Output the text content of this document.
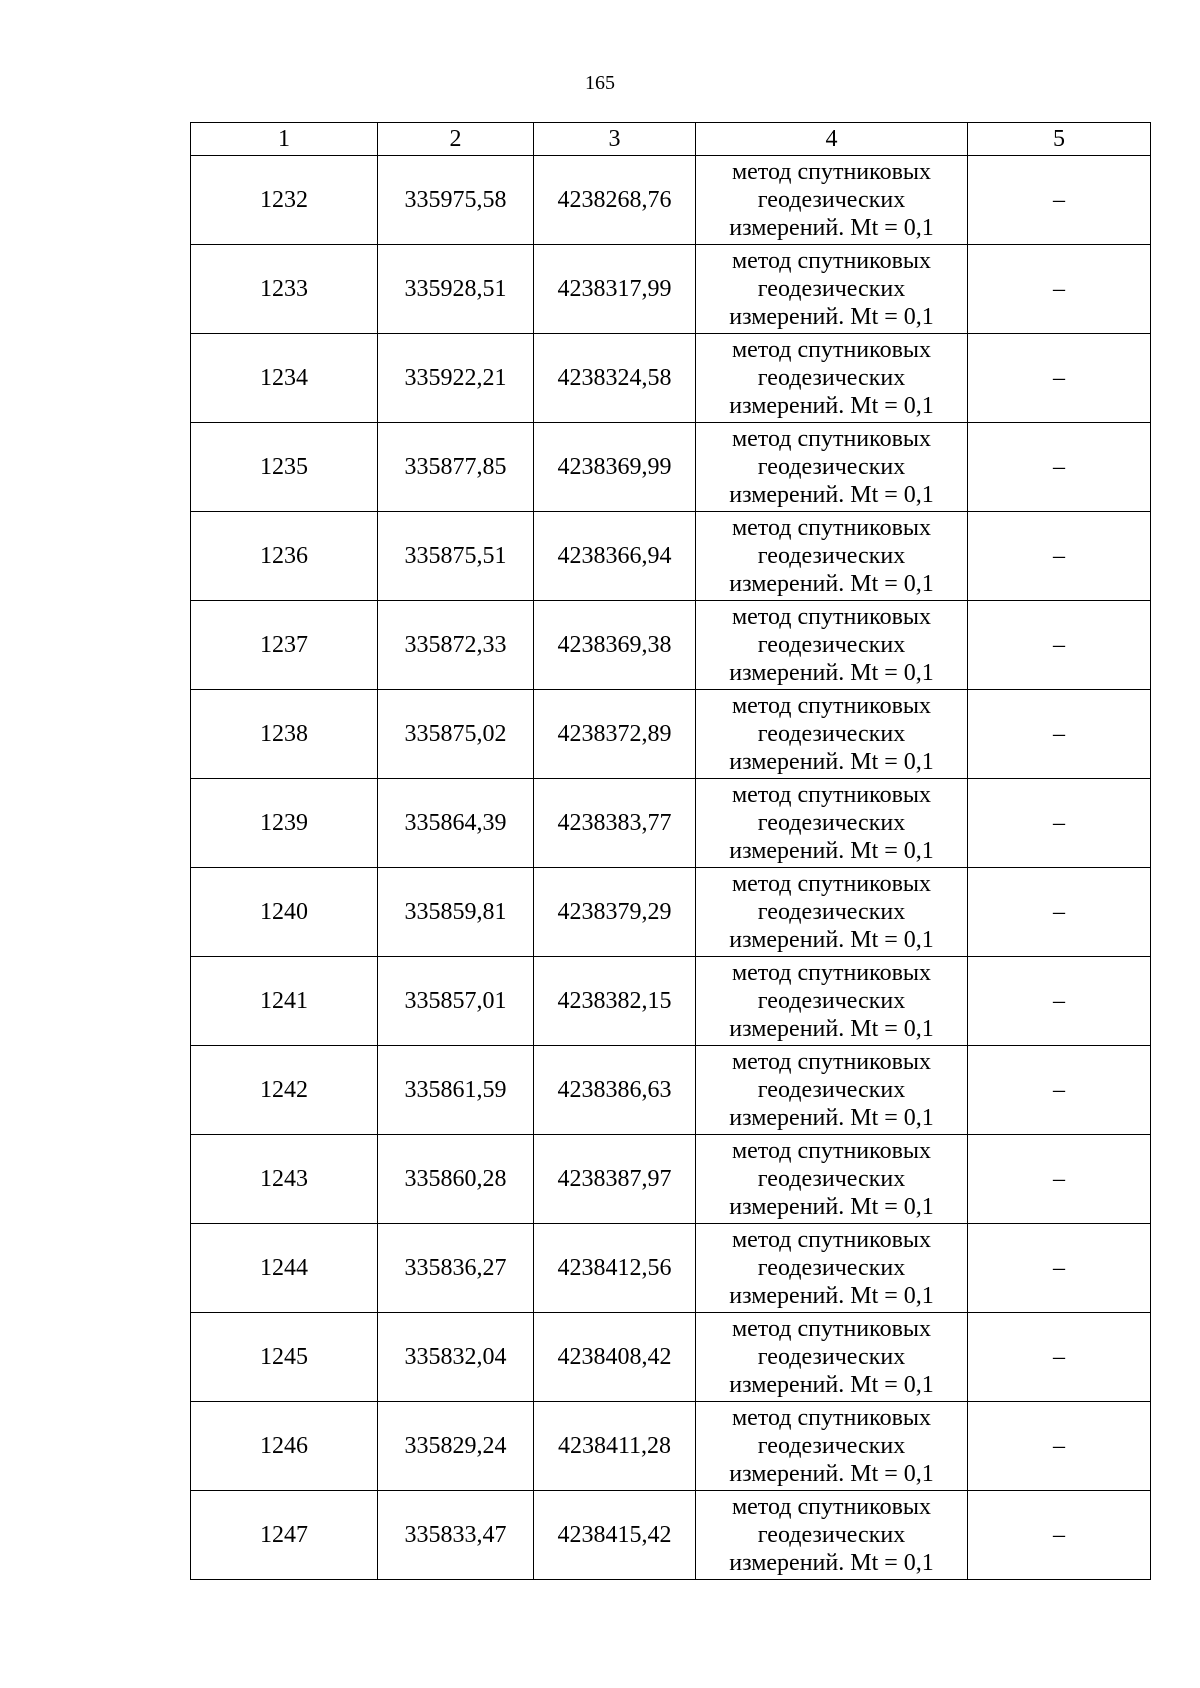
165
1	2	3	4	5
1232	335975,58	4238268,76	метод спутниковых
геодезических
измерений. Mt = 0,1	–
1233	335928,51	4238317,99	метод спутниковых
геодезических
измерений. Mt = 0,1	–
1234	335922,21	4238324,58	метод спутниковых
геодезических
измерений. Mt = 0,1	–
1235	335877,85	4238369,99	метод спутниковых
геодезических
измерений. Mt = 0,1	–
1236	335875,51	4238366,94	метод спутниковых
геодезических
измерений. Mt = 0,1	–
1237	335872,33	4238369,38	метод спутниковых
геодезических
измерений. Mt = 0,1	–
1238	335875,02	4238372,89	метод спутниковых
геодезических
измерений. Mt = 0,1	–
1239	335864,39	4238383,77	метод спутниковых
геодезических
измерений. Mt = 0,1	–
1240	335859,81	4238379,29	метод спутниковых
геодезических
измерений. Mt = 0,1	–
1241	335857,01	4238382,15	метод спутниковых
геодезических
измерений. Mt = 0,1	–
1242	335861,59	4238386,63	метод спутниковых
геодезических
измерений. Mt = 0,1	–
1243	335860,28	4238387,97	метод спутниковых
геодезических
измерений. Mt = 0,1	–
1244	335836,27	4238412,56	метод спутниковых
геодезических
измерений. Mt = 0,1	–
1245	335832,04	4238408,42	метод спутниковых
геодезических
измерений. Mt = 0,1	–
1246	335829,24	4238411,28	метод спутниковых
геодезических
измерений. Mt = 0,1	–
1247	335833,47	4238415,42	метод спутниковых
геодезических
измерений. Mt = 0,1	–
